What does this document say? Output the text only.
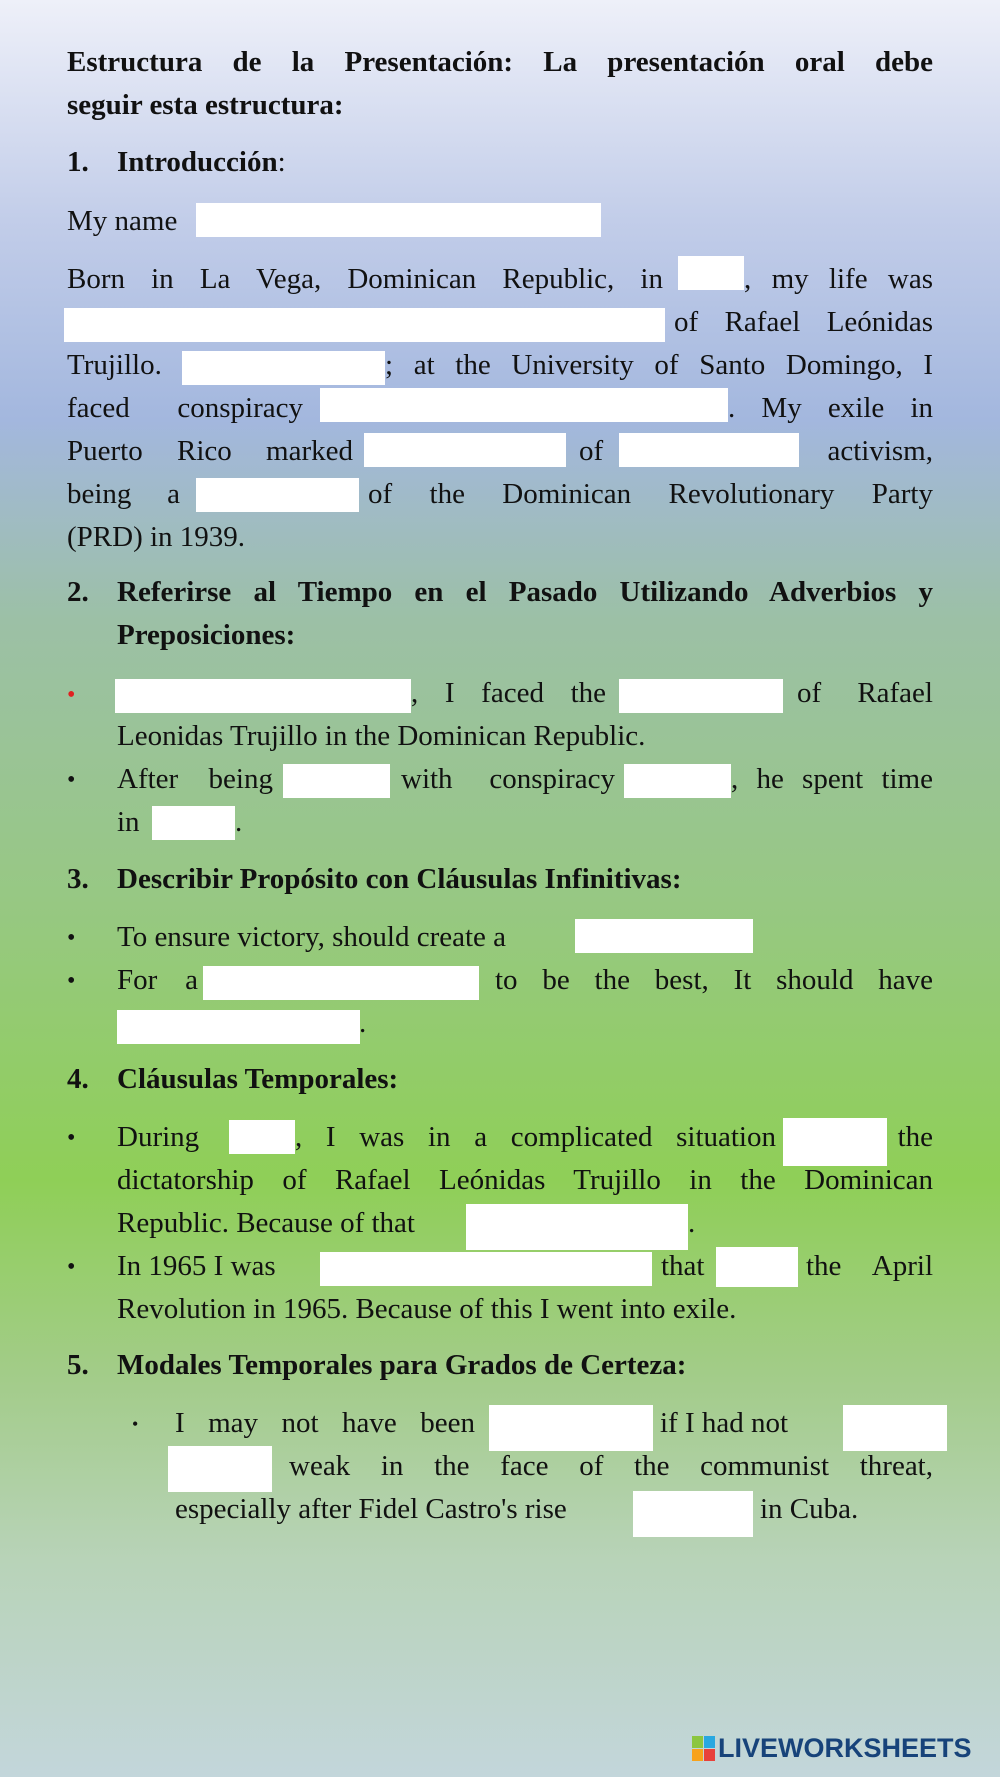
Estructura de la Presentación: La presentación oral debe
seguir esta estructura:
1. Introducción:
My name
Born in La Vega, Dominican Republic, in	, my life was
of Rafael Leónidas
Trujillo.	; at the University of Santo Domingo, I
faced conspiracy	. My exile in
Puerto Rico marked	of	activism,
being a	of the Dominican Revolutionary Party
(PRD) in 1939.
2. Referirse al Tiempo en el Pasado Utilizando Adverbios y
Preposiciones:
•	, I faced the	of Rafael
Leonidas Trujillo in the Dominican Republic.
• After being	with conspiracy	, he spent time
in	.
3. Describir Propósito con Cláusulas Infinitivas:
• To ensure victory, should create a
• For a	to be the best, It should have
.
4. Cláusulas Temporales:
• During	, I was in a complicated situation	the
dictatorship of Rafael Leónidas Trujillo in the Dominican
Republic. Because of that	.
• In 1965 I was	that	the April
Revolution in 1965. Because of this I went into exile.
5. Modales Temporales para Grados de Certeza:
• I may not have been	if I had not
weak in the face of the communist threat,
especially after Fidel Castro's rise	in Cuba.
LIVEWORKSHEETS
